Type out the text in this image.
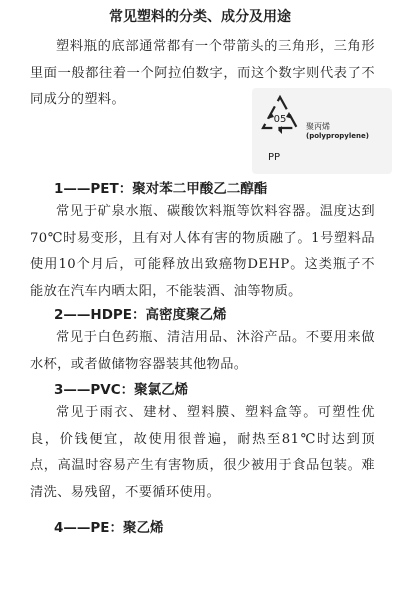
常见塑料的分类、成分及用途
塑料瓶的底部通常都有一个带箭头的三角形，三角形里面一般都往着一个阿拉伯数字，而这个数字则代表了不同成分的塑料。
05
聚丙烯
(polypropylene)
PP
1——PET：聚对苯二甲酸乙二醇酯
常见于矿泉水瓶、碳酸饮料瓶等饮料容器。温度达到70℃时易变形，且有对人体有害的物质融了。1号塑料品使用10个月后，可能释放出致癌物DEHP。这类瓶子不能放在汽车内晒太阳，不能装酒、油等物质。
2——HDPE：高密度聚乙烯
常见于白色药瓶、清洁用品、沐浴产品。不要用来做水杯，或者做储物容器装其他物品。
3——PVC：聚氯乙烯
常见于雨衣、建材、塑料膜、塑料盒等。可塑性优良，价钱便宜，故使用很普遍，耐热至81℃时达到顶点，高温时容易产生有害物质，很少被用于食品包装。难清洗、易残留，不要循环使用。
4——PE：聚乙烯
